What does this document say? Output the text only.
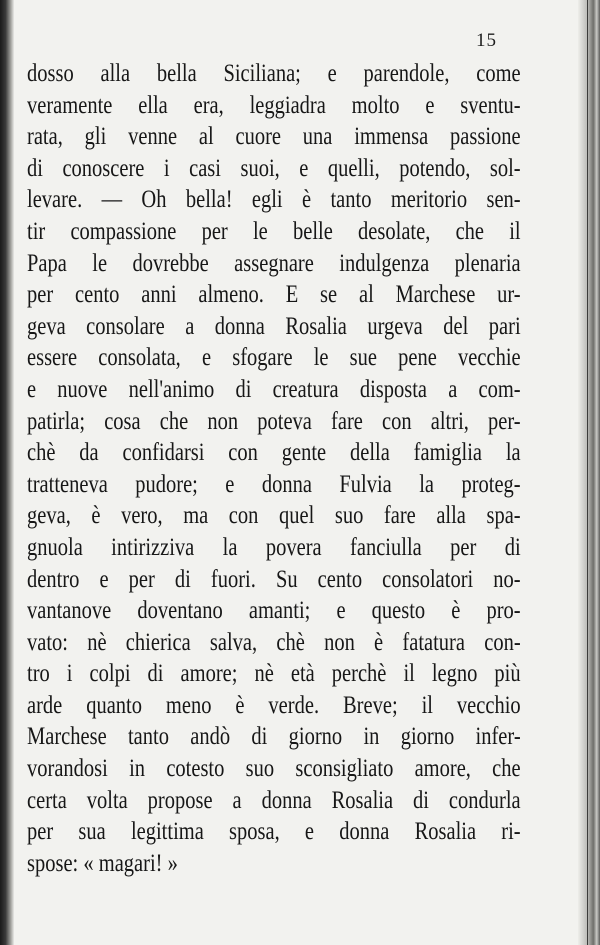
15
dosso alla bella Siciliana; e parendole, come
veramente ella era, leggiadra molto e sventu-
rata, gli venne al cuore una immensa passione
di conoscere i casi suoi, e quelli, potendo, sol-
levare. — Oh bella! egli è tanto meritorio sen-
tir compassione per le belle desolate, che il
Papa le dovrebbe assegnare indulgenza plenaria
per cento anni almeno. E se al Marchese ur-
geva consolare a donna Rosalia urgeva del pari
essere consolata, e sfogare le sue pene vecchie
e nuove nell'animo di creatura disposta a com-
patirla; cosa che non poteva fare con altri, per-
chè da confidarsi con gente della famiglia la
tratteneva pudore; e donna Fulvia la proteg-
geva, è vero, ma con quel suo fare alla spa-
gnuola intirizziva la povera fanciulla per di
dentro e per di fuori. Su cento consolatori no-
vantanove doventano amanti; e questo è pro-
vato: nè chierica salva, chè non è fatatura con-
tro i colpi di amore; nè età perchè il legno più
arde quanto meno è verde. Breve; il vecchio
Marchese tanto andò di giorno in giorno infer-
vorandosi in cotesto suo sconsigliato amore, che
certa volta propose a donna Rosalia di condurla
per sua legittima sposa, e donna Rosalia ri-
spose: « magari! »
